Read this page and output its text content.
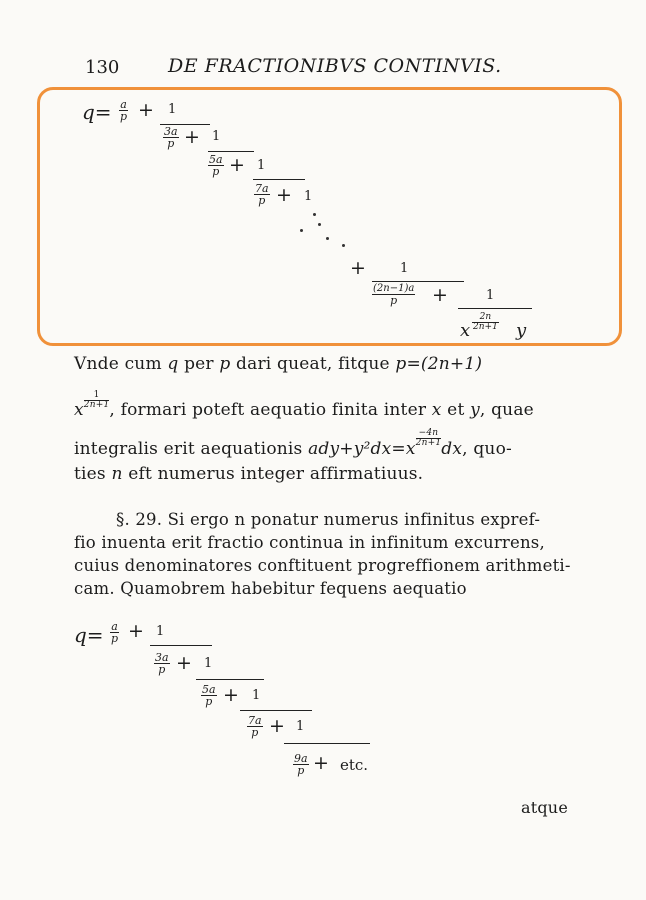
130	DE FRACTIONIBVS CONTINVIS.
$q= \frac{a}{p} + 1$
$\frac{3a}{p} + 1$
$\frac{5a}{p} + 1$
$\frac{7a}{p} + 1$
+	1
$\frac{(2n-1)a}{p}$ +	1
x $\frac{2n}{2n+1}$ y
Vnde cum q per p dari queat, fitque p=(2n+1)
x $\frac{1}{2n+1}$ , formari poteft aequatio finita inter x et y, quae
integralis erit aequationis ady+y²dx=x
$\frac{-4n}{2n+1}$
dx, quo-
ties n eft numerus integer affirmatiuus.
§. 29. Si ergo n ponatur numerus infinitus expref-
fio inuenta erit fractio continua in infinitum excurrens,
cuius denominatores conftituent progreffionem arithmeti-
cam. Quamobrem habebitur fequens aequatio
$q= \frac{a}{p} + 1$
$\frac{3a}{p} + 1$
$\frac{5a}{p} + 1$
$\frac{7a}{p} + 1$
$\frac{9a}{p}$ + etc.
atque
